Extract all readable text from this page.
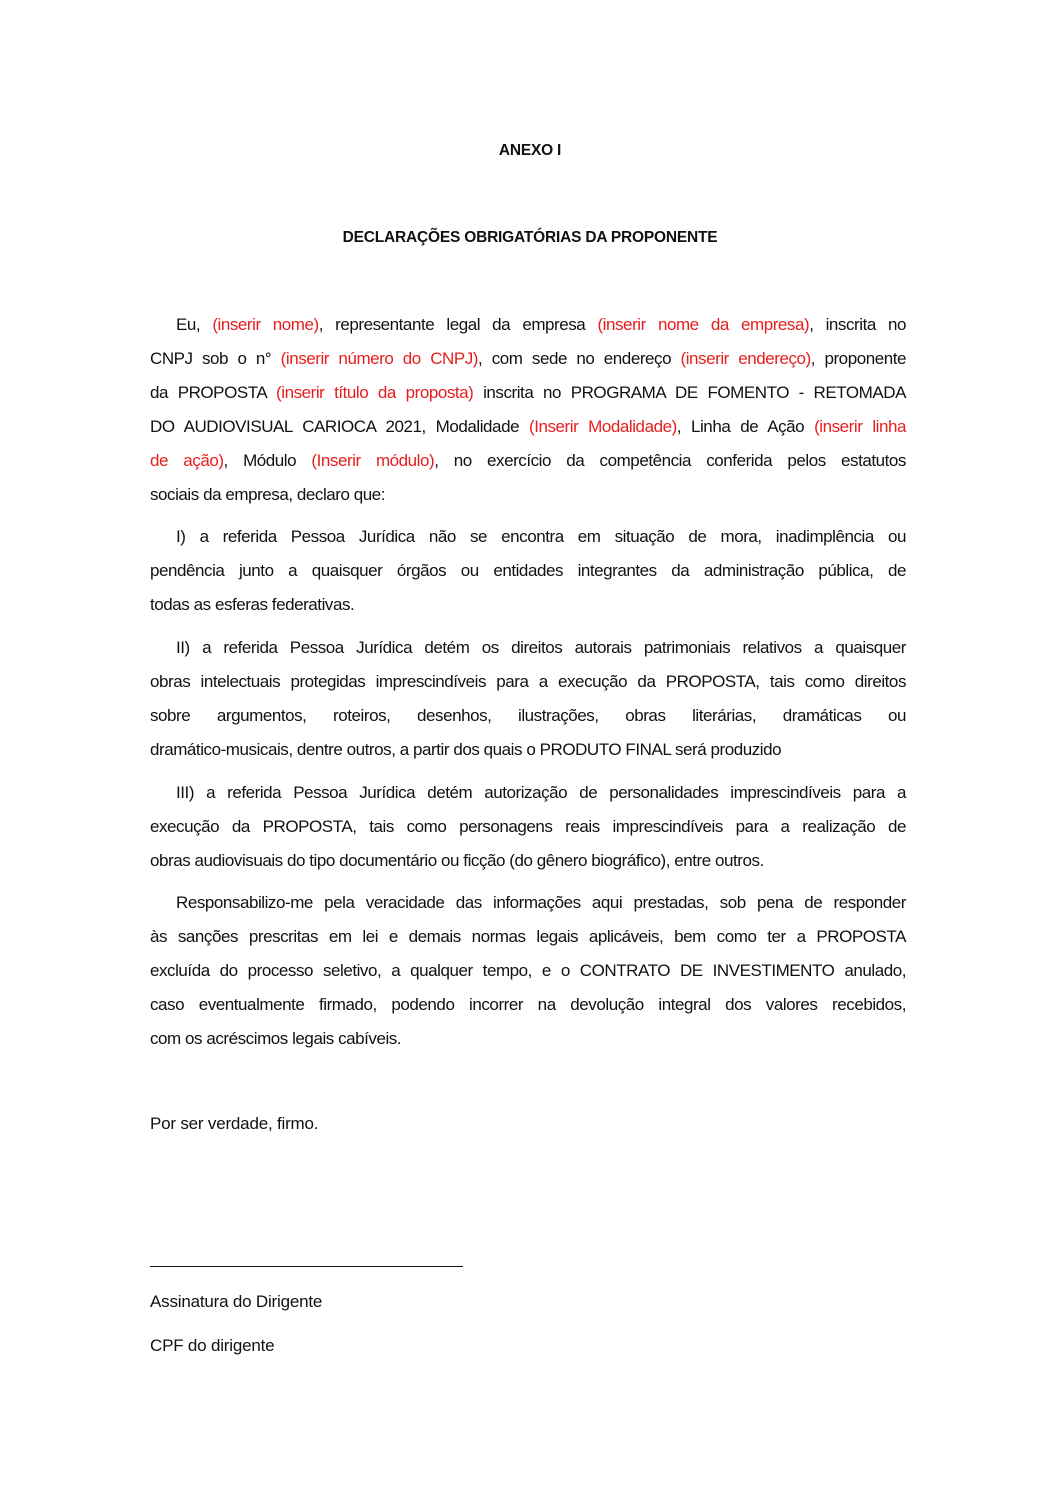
ANEXO I
DECLARAÇÕES OBRIGATÓRIAS DA PROPONENTE
Eu, (inserir nome), representante legal da empresa (inserir nome da empresa), inscrita no
CNPJ sob o n° (inserir número do CNPJ), com sede no endereço (inserir endereço), proponente
da PROPOSTA (inserir título da proposta) inscrita no PROGRAMA DE FOMENTO - RETOMADA
DO AUDIOVISUAL CARIOCA 2021, Modalidade (Inserir Modalidade), Linha de Ação (inserir linha
de ação), Módulo (Inserir módulo), no exercício da competência conferida pelos estatutos
sociais da empresa, declaro que:
I) a referida Pessoa Jurídica não se encontra em situação de mora, inadimplência ou
pendência junto a quaisquer órgãos ou entidades integrantes da administração pública, de
todas as esferas federativas.
II) a referida Pessoa Jurídica detém os direitos autorais patrimoniais relativos a quaisquer
obras intelectuais protegidas imprescindíveis para a execução da PROPOSTA, tais como direitos
sobre argumentos, roteiros, desenhos, ilustrações, obras literárias, dramáticas ou
dramático-musicais, dentre outros, a partir dos quais o PRODUTO FINAL será produzido
III) a referida Pessoa Jurídica detém autorização de personalidades imprescindíveis para a
execução da PROPOSTA, tais como personagens reais imprescindíveis para a realização de
obras audiovisuais do tipo documentário ou ficção (do gênero biográfico), entre outros.
Responsabilizo-me pela veracidade das informações aqui prestadas, sob pena de responder
às sanções prescritas em lei e demais normas legais aplicáveis, bem como ter a PROPOSTA
excluída do processo seletivo, a qualquer tempo, e o CONTRATO DE INVESTIMENTO anulado,
caso eventualmente firmado, podendo incorrer na devolução integral dos valores recebidos,
com os acréscimos legais cabíveis.
Por ser verdade, firmo.
Assinatura do Dirigente
CPF do dirigente
